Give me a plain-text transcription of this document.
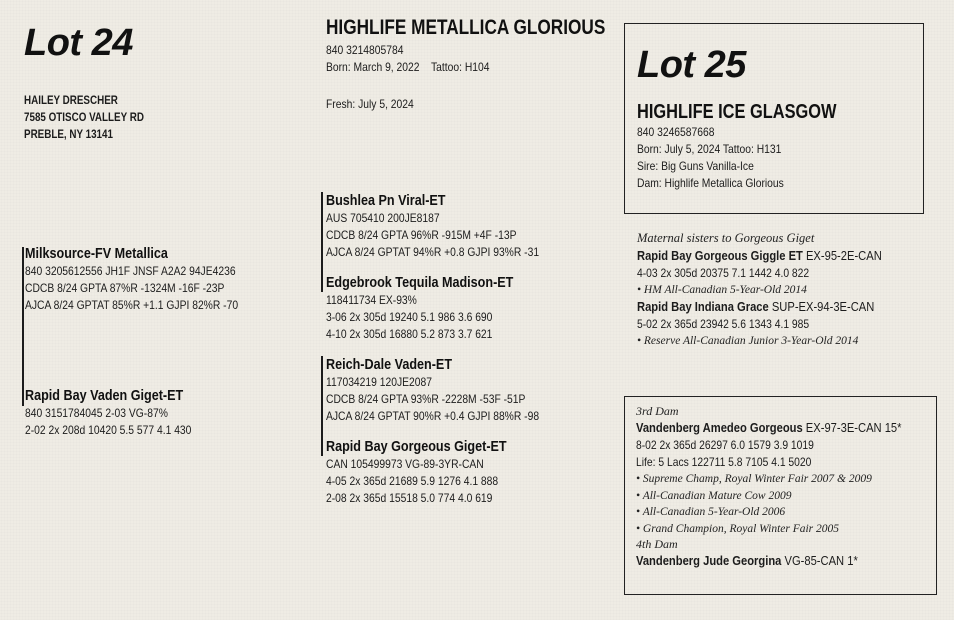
Lot 24
HAILEY DRESCHER
7585 OTISCO VALLEY RD
PREBLE, NY 13141
HIGHLIFE METALLICA GLORIOUS
840 3214805784
Born: March 9, 2022 Tattoo: H104
Fresh: July 5, 2024
Milksource-FV Metallica
840 3205612556 JH1F JNSF A2A2 94JE4236
CDCB 8/24 GPTA 87%R -1324M -16F -23P
AJCA 8/24 GPTAT 85%R +1.1 GJPI 82%R -70
Rapid Bay Vaden Giget-ET
840 3151784045 2-03 VG-87%
2-02 2x 208d 10420 5.5 577 4.1 430
Bushlea Pn Viral-ET
AUS 705410 200JE8187
CDCB 8/24 GPTA 96%R -915M +4F -13P
AJCA 8/24 GPTAT 94%R +0.8 GJPI 93%R -31
Edgebrook Tequila Madison-ET
118411734 EX-93%
3-06 2x 305d 19240 5.1 986 3.6 690
4-10 2x 305d 16880 5.2 873 3.7 621
Reich-Dale Vaden-ET
117034219 120JE2087
CDCB 8/24 GPTA 93%R -2228M -53F -51P
AJCA 8/24 GPTAT 90%R +0.4 GJPI 88%R -98
Rapid Bay Gorgeous Giget-ET
CAN 105499973 VG-89-3YR-CAN
4-05 2x 365d 21689 5.9 1276 4.1 888
2-08 2x 365d 15518 5.0 774 4.0 619
Lot 25
HIGHLIFE ICE GLASGOW
840 3246587668
Born: July 5, 2024 Tattoo: H131
Sire: Big Guns Vanilla-Ice
Dam: Highlife Metallica Glorious
Maternal sisters to Gorgeous Giget
Rapid Bay Gorgeous Giggle ET EX-95-2E-CAN
4-03 2x 305d 20375 7.1 1442 4.0 822
• HM All-Canadian 5-Year-Old 2014
Rapid Bay Indiana Grace SUP-EX-94-3E-CAN
5-02 2x 365d 23942 5.6 1343 4.1 985
• Reserve All-Canadian Junior 3-Year-Old 2014
3rd Dam
Vandenberg Amedeo Gorgeous EX-97-3E-CAN 15*
8-02 2x 365d 26297 6.0 1579 3.9 1019
Life: 5 Lacs 122711 5.8 7105 4.1 5020
• Supreme Champ, Royal Winter Fair 2007 & 2009
• All-Canadian Mature Cow 2009
• All-Canadian 5-Year-Old 2006
• Grand Champion, Royal Winter Fair 2005
4th Dam
Vandenberg Jude Georgina VG-85-CAN 1*
